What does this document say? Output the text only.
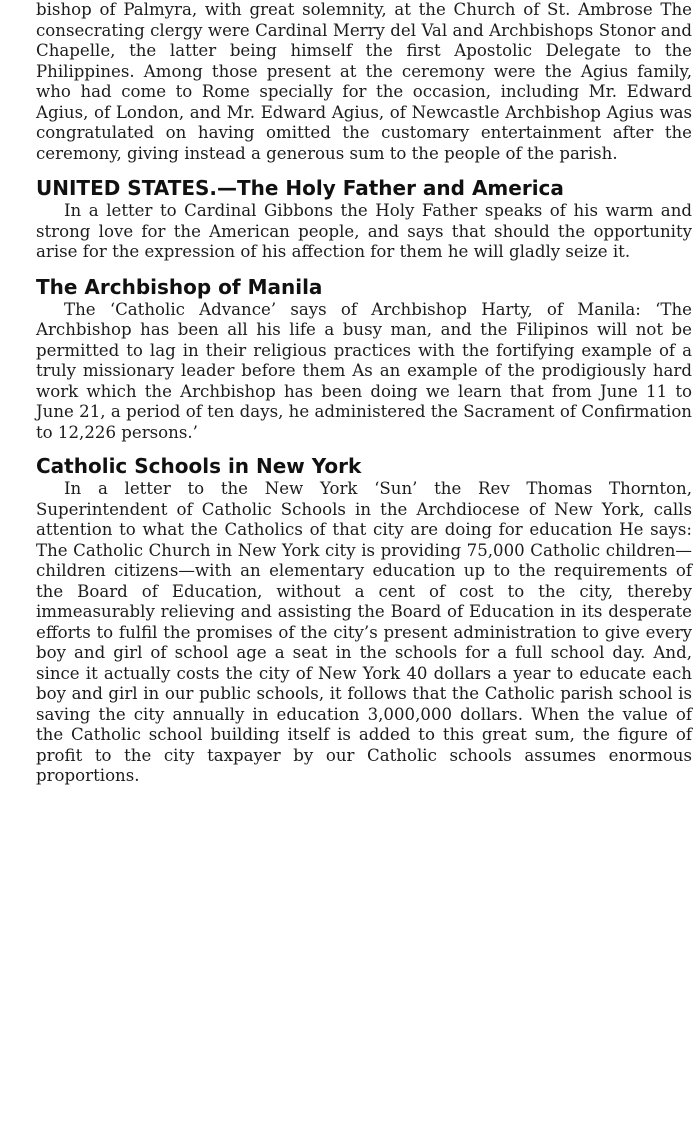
bishop of Palmyra, with great solemnity, at the Church of St. Ambrose The consecrating clergy were Cardinal Merry del Val and Archbishops Stonor and Chapelle, the latter being himself the first Apostolic Delegate to the Philippines. Among those present at the ceremony were the Agius family, who had come to Rome specially for the occasion, including Mr. Edward Agius, of London, and Mr. Edward Agius, of Newcastle Archbishop Agius was congratulated on having omitted the customary entertainment after the ceremony, giving instead a generous sum to the people of the parish.

UNITED STATES.—The Holy Father and America

In a letter to Cardinal Gibbons the Holy Father speaks of his warm and strong love for the American people, and says that should the opportunity arise for the expression of his affection for them he will gladly seize it.

The Archbishop of Manila

The ‘Catholic Advance’ says of Archbishop Harty, of Manila: ‘The Archbishop has been all his life a busy man, and the Filipinos will not be permitted to lag in their religious practices with the fortifying example of a truly missionary leader before them As an example of the prodigiously hard work which the Archbishop has been doing we learn that from June 11 to June 21, a period of ten days, he administered the Sacrament of Confirmation to 12,226 persons.’

Catholic Schools in New York

In a letter to the New York ‘Sun’ the Rev Thomas Thornton, Superintendent of Catholic Schools in the Archdiocese of New York, calls attention to what the Catholics of that city are doing for education He says: The Catholic Church in New York city is providing 75,000 Catholic children—children citizens—with an elementary education up to the requirements of the Board of Education, without a cent of cost to the city, thereby immeasurably relieving and assisting the Board of Education in its desperate efforts to fulfil the promises of the city’s present administration to give every boy and girl of school age a seat in the schools for a full school day. And, since it actually costs the city of New York 40 dollars a year to educate each boy and girl in our public schools, it follows that the Catholic parish school is saving the city annually in education 3,000,000 dollars. When the value of the Catholic school building itself is added to this great sum, the figure of profit to the city taxpayer by our Catholic schools assumes enormous proportions.
